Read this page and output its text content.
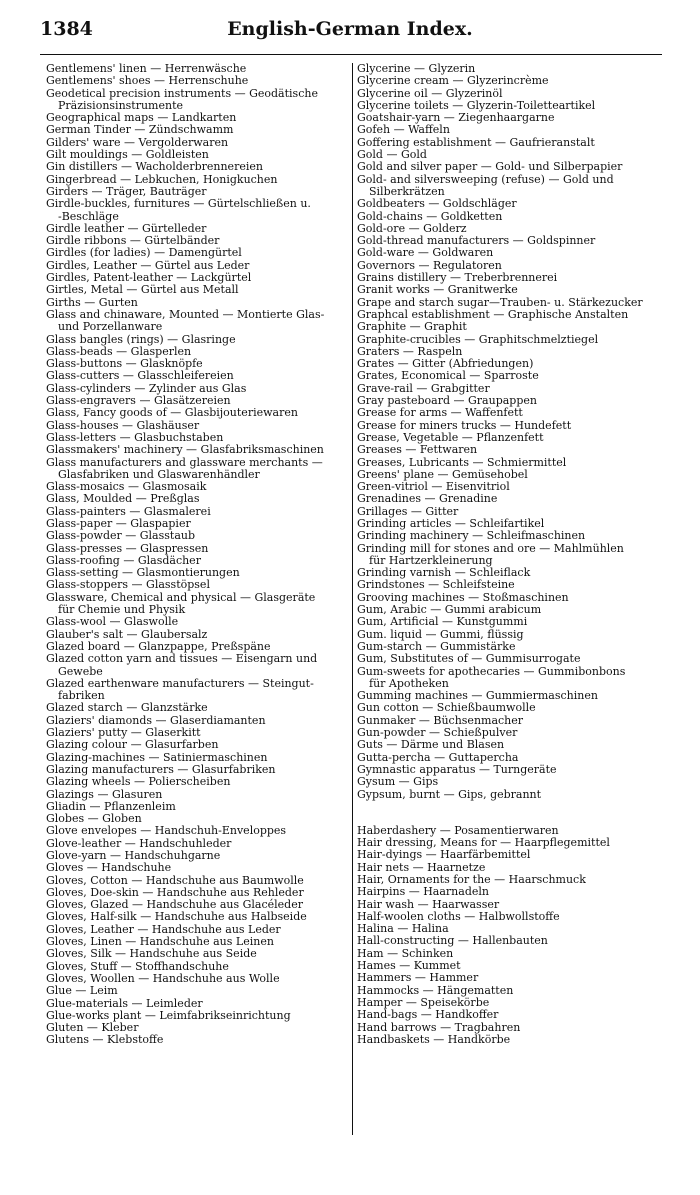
1384	English-German Index.
Gentlemens' linen — Herrenwäsche
Gentlemens' shoes — Herrenschuhe
Geodetical precision instruments — Geodätische
Präzisionsinstrumente
Geographical maps — Landkarten
German Tinder — Zündschwamm
Gilders' ware — Vergolderwaren
Gilt mouldings — Goldleisten
Gin distillers — Wacholderbrennereien
Gingerbread — Lebkuchen, Honigkuchen
Girders — Träger, Bauträger
Girdle-buckles, furnitures — Gürtelschließen u.
-Beschläge
Girdle leather — Gürtelleder
Girdle ribbons — Gürtelbänder
Girdles (for ladies) — Damengürtel
Girdles, Leather — Gürtel aus Leder
Girdles, Patent-leather — Lackgürtel
Girtles, Metal — Gürtel aus Metall
Girths — Gurten
Glass and chinaware, Mounted — Montierte Glas-
und Porzellanware
Glass bangles (rings) — Glasringe
Glass-beads — Glasperlen
Glass-buttons — Glasknöpfe
Glass-cutters — Glasschleifereien
Glass-cylinders — Zylinder aus Glas
Glass-engravers — Glasätzereien
Glass, Fancy goods of — Glasbijouteriewaren
Glass-houses — Glashäuser
Glass-letters — Glasbuchstaben
Glassmakers' machinery — Glasfabriksmaschinen
Glass manufacturers and glassware merchants —
Glasfabriken und Glaswarenhändler
Glass-mosaics — Glasmosaik
Glass, Moulded — Preßglas
Glass-painters — Glasmalerei
Glass-paper — Glaspapier
Glass-powder — Glasstaub
Glass-presses — Glaspressen
Glass-roofing — Glasdächer
Glass-setting — Glasmontierungen
Glass-stoppers — Glasstöpsel
Glassware, Chemical and physical — Glasgeräte
für Chemie und Physik
Glass-wool — Glaswolle
Glauber's salt — Glaubersalz
Glazed board — Glanzpappe, Preßspäne
Glazed cotton yarn and tissues — Eisengarn und
Gewebe
Glazed earthenware manufacturers — Steingut-
fabriken
Glazed starch — Glanzstärke
Glaziers' diamonds — Glaserdiamanten
Glaziers' putty — Glaserkitt
Glazing colour — Glasurfarben
Glazing-machines — Satiniermaschinen
Glazing manufacturers — Glasurfabriken
Glazing wheels — Polierscheiben
Glazings — Glasuren
Gliadin — Pflanzenleim
Globes — Globen
Glove envelopes — Handschuh-Enveloppes
Glove-leather — Handschuhleder
Glove-yarn — Handschuhgarne
Gloves — Handschuhe
Gloves, Cotton — Handschuhe aus Baumwolle
Gloves, Doe-skin — Handschuhe aus Rehleder
Gloves, Glazed — Handschuhe aus Glacéleder
Gloves, Half-silk — Handschuhe aus Halbseide
Gloves, Leather — Handschuhe aus Leder
Gloves, Linen — Handschuhe aus Leinen
Gloves, Silk — Handschuhe aus Seide
Gloves, Stuff — Stoffhandschuhe
Gloves, Woollen — Handschuhe aus Wolle
Glue — Leim
Glue-materials — Leimleder
Glue-works plant — Leimfabrikseinrichtung
Gluten — Kleber
Glutens — Klebstoffe
Glycerine — Glyzerin
Glycerine cream — Glyzerincrème
Glycerine oil — Glyzerinöl
Glycerine toilets — Glyzerin-Toiletteartikel
Goatshair-yarn — Ziegenhaargarne
Gofeh — Waffeln
Goffering establishment — Gaufrieranstalt
Gold — Gold
Gold and silver paper — Gold- und Silberpapier
Gold- and silversweeping (refuse) — Gold und
Silberkrätzen
Goldbeaters — Goldschläger
Gold-chains — Goldketten
Gold-ore — Golderz
Gold-thread manufacturers — Goldspinner
Gold-ware — Goldwaren
Governors — Regulatoren
Grains distillery — Treberbrennerei
Granit works — Granitwerke
Grape and starch sugar—Trauben- u. Stärkezucker
Graphcal establishment — Graphische Anstalten
Graphite — Graphit
Graphite-crucibles — Graphitschmelztiegel
Graters — Raspeln
Grates — Gitter (Abfriedungen)
Grates, Economical — Sparroste
Grave-rail — Grabgitter
Gray pasteboard — Graupappen
Grease for arms — Waffenfett
Grease for miners trucks — Hundefett
Grease, Vegetable — Pflanzenfett
Greases — Fettwaren
Greases, Lubricants — Schmiermittel
Greens' plane — Gemüsehobel
Green-vitriol — Eisenvitriol
Grenadines — Grenadine
Grillages — Gitter
Grinding articles — Schleifartikel
Grinding machinery — Schleifmaschinen
Grinding mill for stones and ore — Mahlmühlen
für Hartzerkleinerung
Grinding varnish — Schleiflack
Grindstones — Schleifsteine
Grooving machines — Stoßmaschinen
Gum, Arabic — Gummi arabicum
Gum, Artificial — Kunstgummi
Gum. liquid — Gummi, flüssig
Gum-starch — Gummistärke
Gum, Substitutes of — Gummisurrogate
Gum-sweets for apothecaries — Gummibonbons
für Apotheken
Gumming machines — Gummiermaschinen
Gun cotton — Schießbaumwolle
Gunmaker — Büchsenmacher
Gun-powder — Schießpulver
Guts — Därme und Blasen
Gutta-percha — Guttapercha
Gymnastic apparatus — Turngeräte
Gysum — Gips
Gypsum, burnt — Gips, gebrannt
Haberdashery — Posamentierwaren
Hair dressing, Means for — Haarpflegemittel
Hair-dyings — Haarfärbemittel
Hair nets — Haarnetze
Hair, Ornaments for the — Haarschmuck
Hairpins — Haarnadeln
Hair wash — Haarwasser
Half-woolen cloths — Halbwollstoffe
Halina — Halina
Hall-constructing — Hallenbauten
Ham — Schinken
Hames — Kummet
Hammers — Hammer
Hammocks — Hängematten
Hamper — Speisekörbe
Hand-bags — Handkoffer
Hand barrows — Tragbahren
Handbaskets — Handkörbe
